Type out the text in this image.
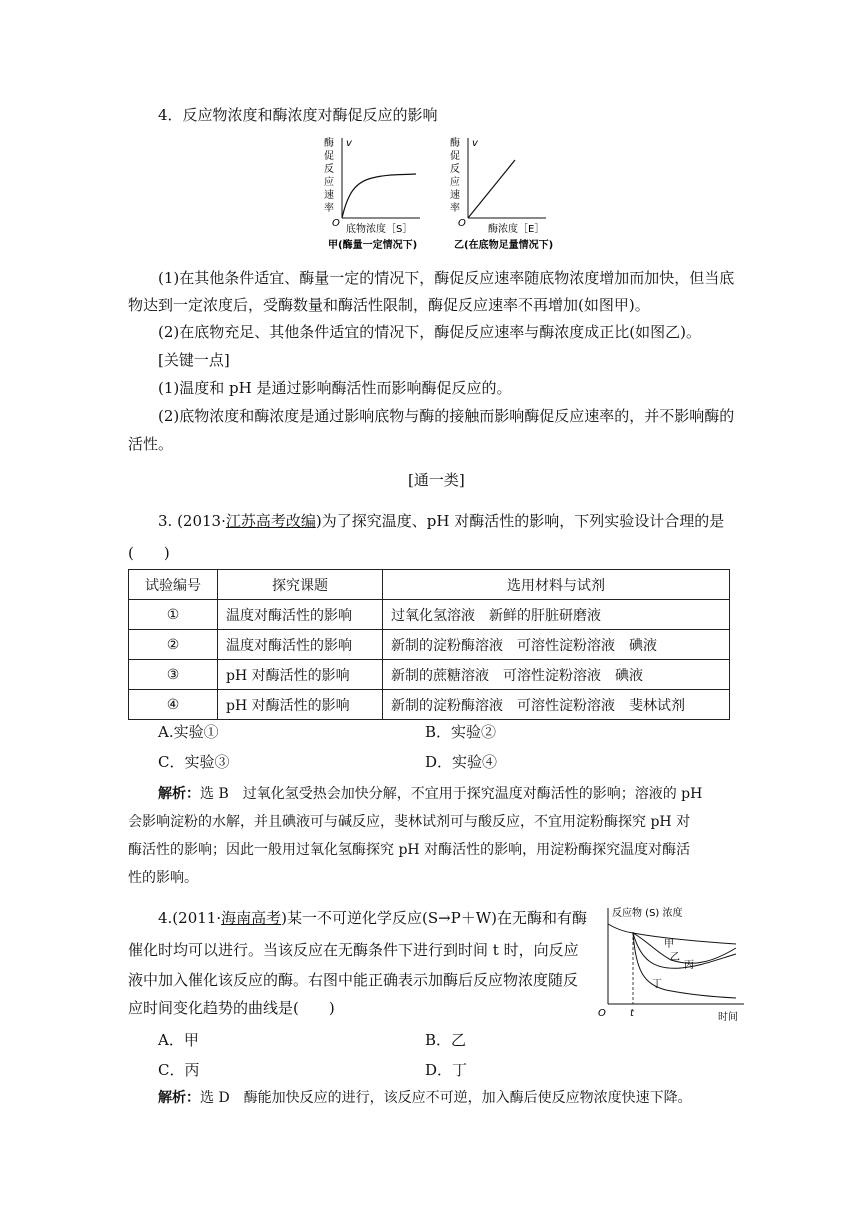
4．反应物浓度和酶浓度对酶促反应的影响
酶促反应速率
v
O
底物浓度［S］
甲(酶量一定情况下)
酶促反应速率
v
O
酶浓度［E］
乙(在底物足量情况下)
(1)在其他条件适宜、酶量一定的情况下，酶促反应速率随底物浓度增加而加快，但当底
物达到一定浓度后，受酶数量和酶活性限制，酶促反应速率不再增加(如图甲)。
(2)在底物充足、其他条件适宜的情况下，酶促反应速率与酶浓度成正比(如图乙)。
[关键一点]
(1)温度和 pH 是通过影响酶活性而影响酶促反应的。
(2)底物浓度和酶浓度是通过影响底物与酶的接触而影响酶促反应速率的，并不影响酶的
活性。
[通一类]
3. (2013·江苏高考改编)为了探究温度、pH 对酶活性的影响，下列实验设计合理的是
(　　)
试验编号	探究课题	选用材料与试剂
①	温度对酶活性的影响	过氧化氢溶液　新鲜的肝脏研磨液
②	温度对酶活性的影响	新制的淀粉酶溶液　可溶性淀粉溶液　碘液
③	pH 对酶活性的影响	新制的蔗糖溶液　可溶性淀粉溶液　碘液
④	pH 对酶活性的影响	新制的淀粉酶溶液　可溶性淀粉溶液　斐林试剂
A.实验①	B．实验②
C．实验③	D．实验④
解析：选 B　过氧化氢受热会加快分解，不宜用于探究温度对酶活性的影响；溶液的 pH
会影响淀粉的水解，并且碘液可与碱反应，斐林试剂可与酸反应，不宜用淀粉酶探究 pH 对
酶活性的影响；因此一般用过氧化氢酶探究 pH 对酶活性的影响，用淀粉酶探究温度对酶活
性的影响。
4.(2011·海南高考)某一不可逆化学反应(S→P＋W)在无酶和有酶
催化时均可以进行。当该反应在无酶条件下进行到时间 t 时，向反应
液中加入催化该反应的酶。右图中能正确表示加酶后反应物浓度随反
应时间变化趋势的曲线是(　　)
反应物 (S) 浓度
O t	时间
甲
乙
丙
丁
A．甲	B．乙
C．丙	D．丁
解析：选 D　酶能加快反应的进行，该反应不可逆，加入酶后使反应物浓度快速下降。
